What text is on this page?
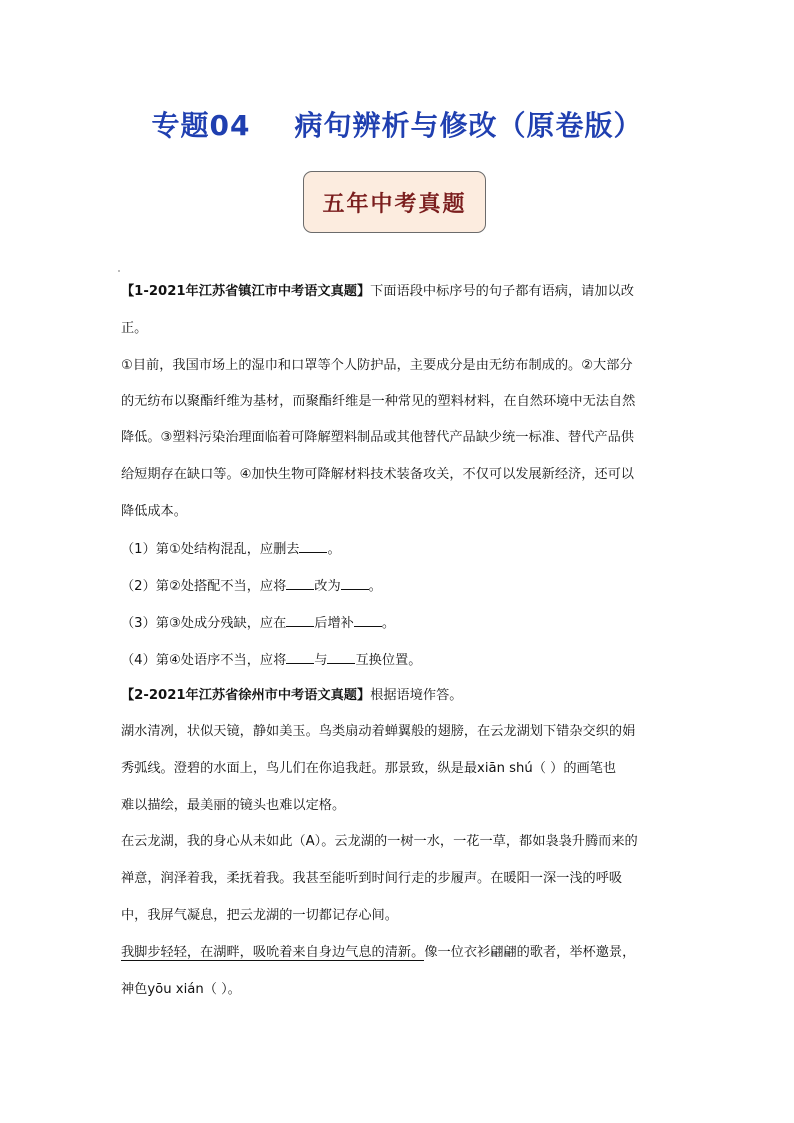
专题04 病句辨析与修改（原卷版）
五年中考真题
【1-2021年江苏省镇江市中考语文真题】下面语段中标序号的句子都有语病，请加以改
正。
①目前，我国市场上的湿巾和口罩等个人防护品，主要成分是由无纺布制成的。②大部分
的无纺布以聚酯纤维为基材，而聚酯纤维是一种常见的塑料材料，在自然环境中无法自然
降低。③塑料污染治理面临着可降解塑料制品或其他替代产品缺少统一标准、替代产品供
给短期存在缺口等。④加快生物可降解材料技术装备攻关，不仅可以发展新经济，还可以
降低成本。
（1）第①处结构混乱，应删去 。
（2）第②处搭配不当，应将 改为 。
（3）第③处成分残缺，应在 后增补 。
（4）第④处语序不当，应将 与 互换位置。
【2-2021年江苏省徐州市中考语文真题】根据语境作答。
湖水清冽，状似天镜，静如美玉。鸟类扇动着蝉翼般的翅膀，在云龙湖划下错杂交织的娟
秀弧线。澄碧的水面上，鸟儿们在你追我赶。那景致，纵是最xiān shú（ ）的画笔也
难以描绘，最美丽的镜头也难以定格。
在云龙湖，我的身心从未如此（A）。云龙湖的一树一水，一花一草，都如袅袅升腾而来的
禅意，润泽着我，柔抚着我。我甚至能听到时间行走的步履声。在暖阳一深一浅的呼吸
中，我屏气凝息，把云龙湖的一切都记存心间。
我脚步轻轻，在湖畔，吸吮着来自身边气息的清新。像一位衣衫翩翩的歌者，举杯邀景，
神色yōu xián（ ）。
